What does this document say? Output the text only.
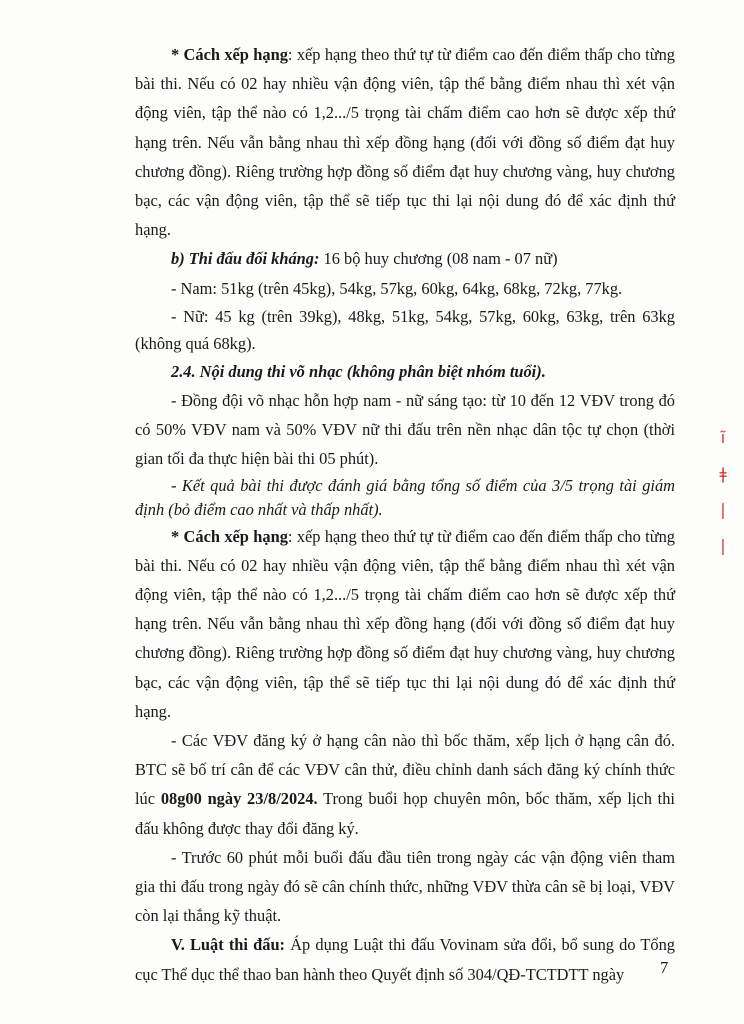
* Cách xếp hạng: xếp hạng theo thứ tự từ điểm cao đến điểm thấp cho từng bài thi. Nếu có 02 hay nhiều vận động viên, tập thể bằng điểm nhau thì xét vận động viên, tập thể nào có 1,2.../5 trọng tài chấm điểm cao hơn sẽ được xếp thứ hạng trên. Nếu vẫn bằng nhau thì xếp đồng hạng (đối với đồng số điểm đạt huy chương đồng). Riêng trường hợp đồng số điểm đạt huy chương vàng, huy chương bạc, các vận động viên, tập thể sẽ tiếp tục thi lại nội dung đó để xác định thứ hạng.

b) Thi đấu đối kháng: 16 bộ huy chương (08 nam - 07 nữ)

- Nam: 51kg (trên 45kg), 54kg, 57kg, 60kg, 64kg, 68kg, 72kg, 77kg.

- Nữ: 45 kg (trên 39kg), 48kg, 51kg, 54kg, 57kg, 60kg, 63kg, trên 63kg (không quá 68kg).

2.4. Nội dung thi võ nhạc (không phân biệt nhóm tuổi).

- Đồng đội võ nhạc hỗn hợp nam - nữ sáng tạo: từ 10 đến 12 VĐV trong đó có 50% VĐV nam và 50% VĐV nữ thi đấu trên nền nhạc dân tộc tự chọn (thời gian tối đa thực hiện bài thi 05 phút).

- Kết quả bài thi được đánh giá bằng tổng số điểm của 3/5 trọng tài giám định (bỏ điểm cao nhất và thấp nhất).

* Cách xếp hạng: xếp hạng theo thứ tự từ điểm cao đến điểm thấp cho từng bài thi. Nếu có 02 hay nhiều vận động viên, tập thể bằng điểm nhau thì xét vận động viên, tập thể nào có 1,2.../5 trọng tài chấm điểm cao hơn sẽ được xếp thứ hạng trên. Nếu vẫn bằng nhau thì xếp đồng hạng (đối với đồng số điểm đạt huy chương đồng). Riêng trường hợp đồng số điểm đạt huy chương vàng, huy chương bạc, các vận động viên, tập thể sẽ tiếp tục thi lại nội dung đó để xác định thứ hạng.

- Các VĐV đăng ký ở hạng cân nào thì bốc thăm, xếp lịch ở hạng cân đó. BTC sẽ bố trí cân để các VĐV cân thử, điều chỉnh danh sách đăng ký chính thức lúc 08g00 ngày 23/8/2024. Trong buổi họp chuyên môn, bốc thăm, xếp lịch thi đấu không được thay đổi đăng ký.

- Trước 60 phút mỗi buổi đấu đầu tiên trong ngày các vận động viên tham gia thi đấu trong ngày đó sẽ cân chính thức, những VĐV thừa cân sẽ bị loại, VĐV còn lại thắng kỹ thuật.

V. Luật thi đấu: Áp dụng Luật thi đấu Vovinam sửa đổi, bổ sung do Tổng cục Thể dục thể thao ban hành theo Quyết định số 304/QĐ-TCTDTT ngày	7
ĩ
ǂ
|
|
